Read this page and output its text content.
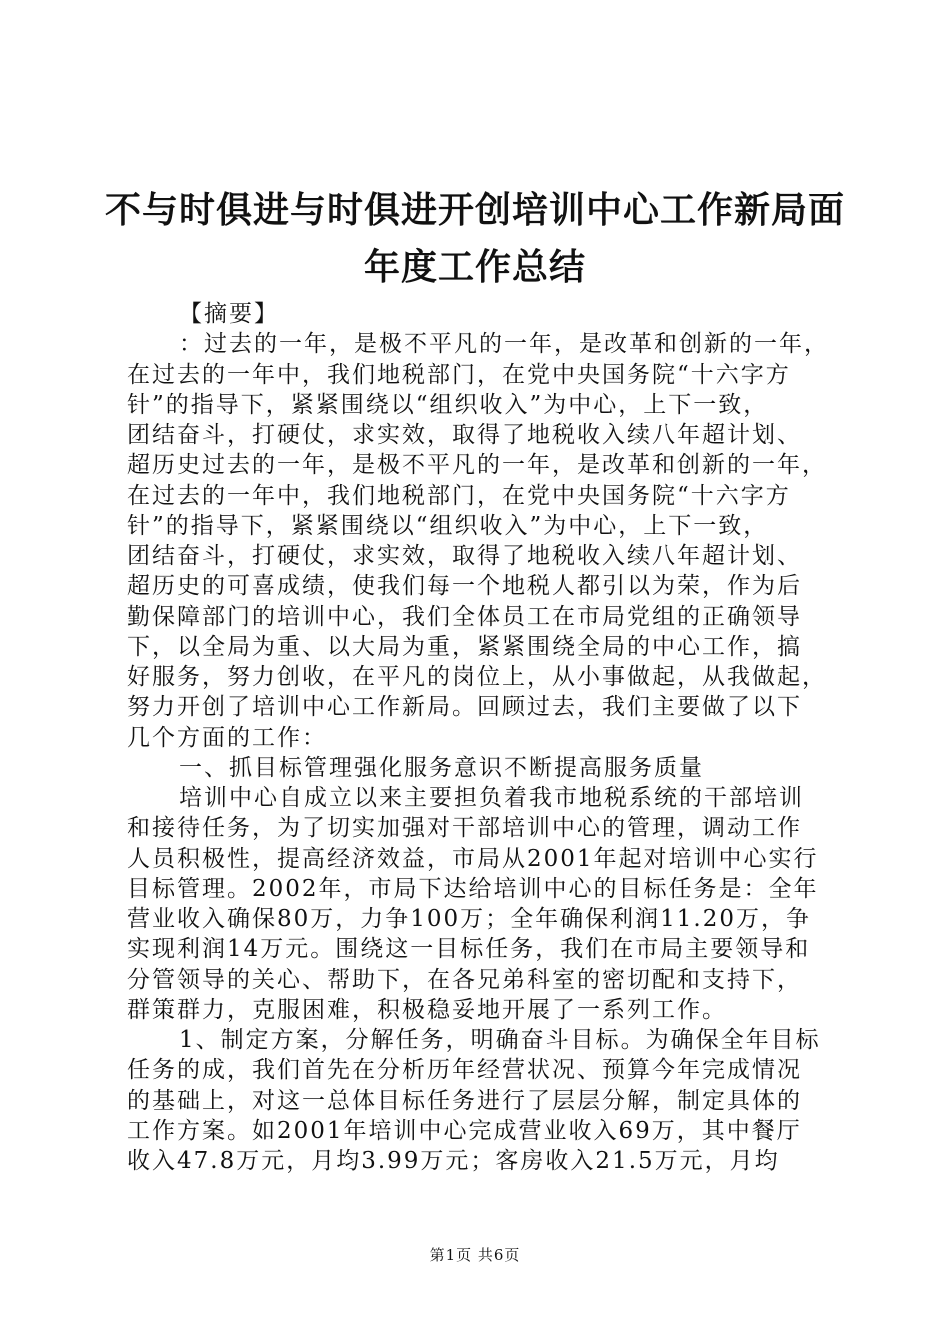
不与时俱进与时俱进开创培训中心工作新局面
年度工作总结
【摘要】
：过去的一年，是极不平凡的一年，是改革和创新的一年，
在过去的一年中，我们地税部门，在党中央国务院“十六字方
针”的指导下，紧紧围绕以“组织收入”为中心，上下一致，
团结奋斗，打硬仗，求实效，取得了地税收入续八年超计划、
超历史过去的一年，是极不平凡的一年，是改革和创新的一年，
在过去的一年中，我们地税部门，在党中央国务院“十六字方
针”的指导下，紧紧围绕以“组织收入”为中心，上下一致，
团结奋斗，打硬仗，求实效，取得了地税收入续八年超计划、
超历史的可喜成绩，使我们每一个地税人都引以为荣，作为后
勤保障部门的培训中心，我们全体员工在市局党组的正确领导
下，以全局为重、以大局为重，紧紧围绕全局的中心工作，搞
好服务，努力创收，在平凡的岗位上，从小事做起，从我做起，
努力开创了培训中心工作新局。回顾过去，我们主要做了以下
几个方面的工作：
一、抓目标管理强化服务意识不断提高服务质量
培训中心自成立以来主要担负着我市地税系统的干部培训
和接待任务，为了切实加强对干部培训中心的管理，调动工作
人员积极性，提高经济效益，市局从2001年起对培训中心实行
目标管理。2002年，市局下达给培训中心的目标任务是：全年
营业收入确保80万，力争100万；全年确保利润11.20万，争
实现利润14万元。围绕这一目标任务，我们在市局主要领导和
分管领导的关心、帮助下，在各兄弟科室的密切配和支持下，
群策群力，克服困难，积极稳妥地开展了一系列工作。
1、制定方案，分解任务，明确奋斗目标。为确保全年目标
任务的成，我们首先在分析历年经营状况、预算今年完成情况
的基础上，对这一总体目标任务进行了层层分解，制定具体的
工作方案。如2001年培训中心完成营业收入69万，其中餐厅
收入47.8万元，月均3.99万元；客房收入21.5万元，月均
第1页 共6页
